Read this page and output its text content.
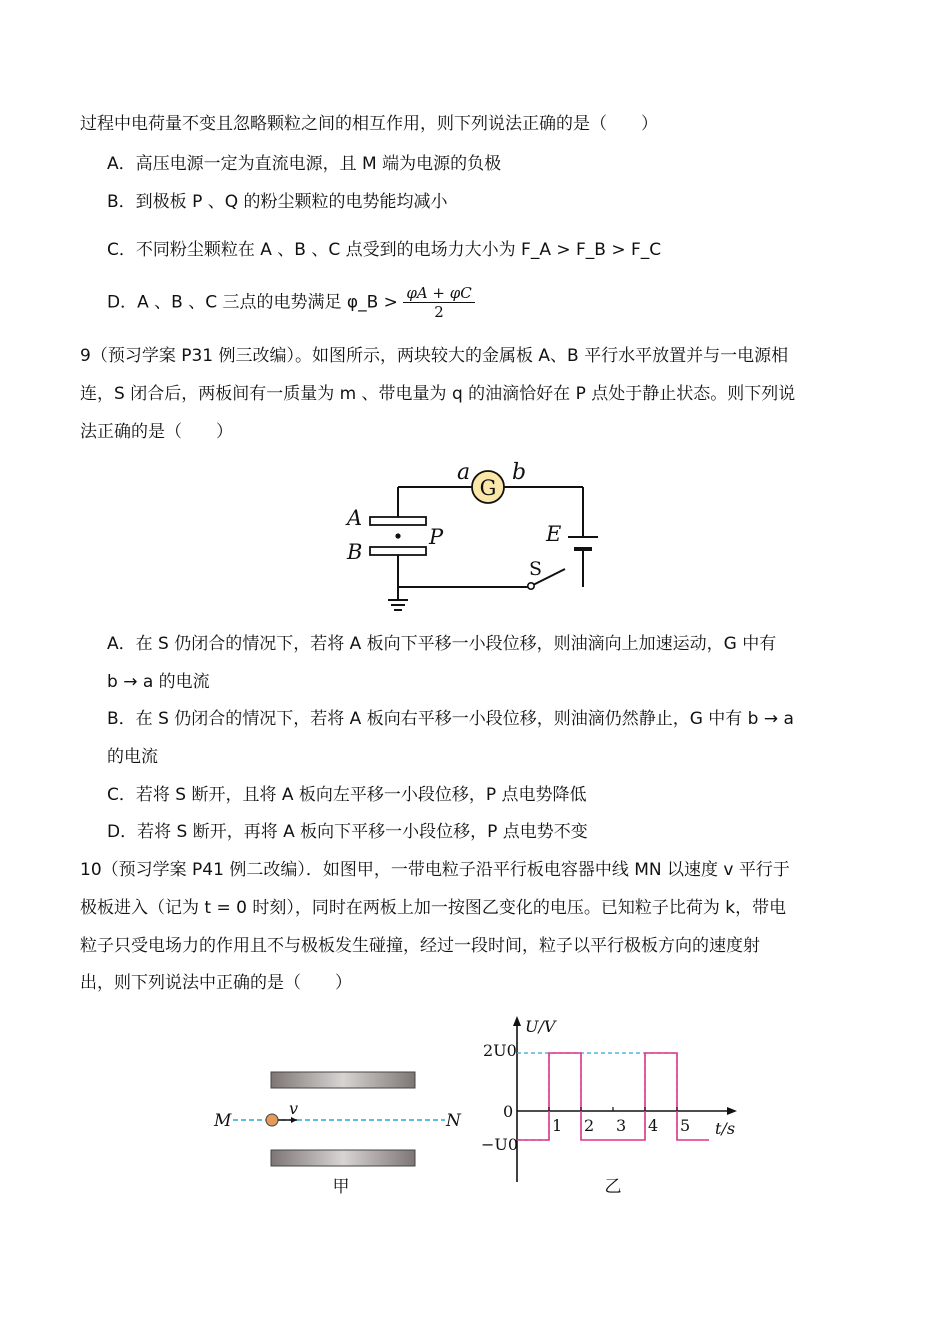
过程中电荷量不变且忽略颗粒之间的相互作用，则下列说法正确的是（　　）
A．高压电源一定为直流电源，且 M 端为电源的负极
B．到极板 P 、Q 的粉尘颗粒的电势能均减小
C．不同粉尘颗粒在 A 、B 、C 点受到的电场力大小为 F_A > F_B > F_C
D．A 、B 、C 三点的电势满足 φ_B > $\frac{\varphi A + \varphi C}{2}$
9（预习学案 P31 例三改编）。如图所示，两块较大的金属板 A、B 平行水平放置并与一电源相
连，S 闭合后，两板间有一质量为 m 、带电量为 q 的油滴恰好在 P 点处于静止状态。则下列说
法正确的是（　　）
G
a b
A
B
P	E
S
A．在 S 仍闭合的情况下，若将 A 板向下平移一小段位移，则油滴向上加速运动，G 中有
b → a 的电流
B．在 S 仍闭合的情况下，若将 A 板向右平移一小段位移，则油滴仍然静止，G 中有 b → a
的电流
C．若将 S 断开，且将 A 板向左平移一小段位移，P 点电势降低
D．若将 S 断开，再将 A 板向下平移一小段位移，P 点电势不变
10（预习学案 P41 例二改编）．如图甲，一带电粒子沿平行板电容器中线 MN 以速度 v 平行于
极板进入（记为 t = 0 时刻），同时在两板上加一按图乙变化的电压。已知粒子比荷为 k，带电
粒子只受电场力的作用且不与极板发生碰撞，经过一段时间，粒子以平行极板方向的速度射
出，则下列说法中正确的是（　　）
v
M	N
甲
U/V
t/s
2U0
0
−U0
乙
1 2 3 4 5
